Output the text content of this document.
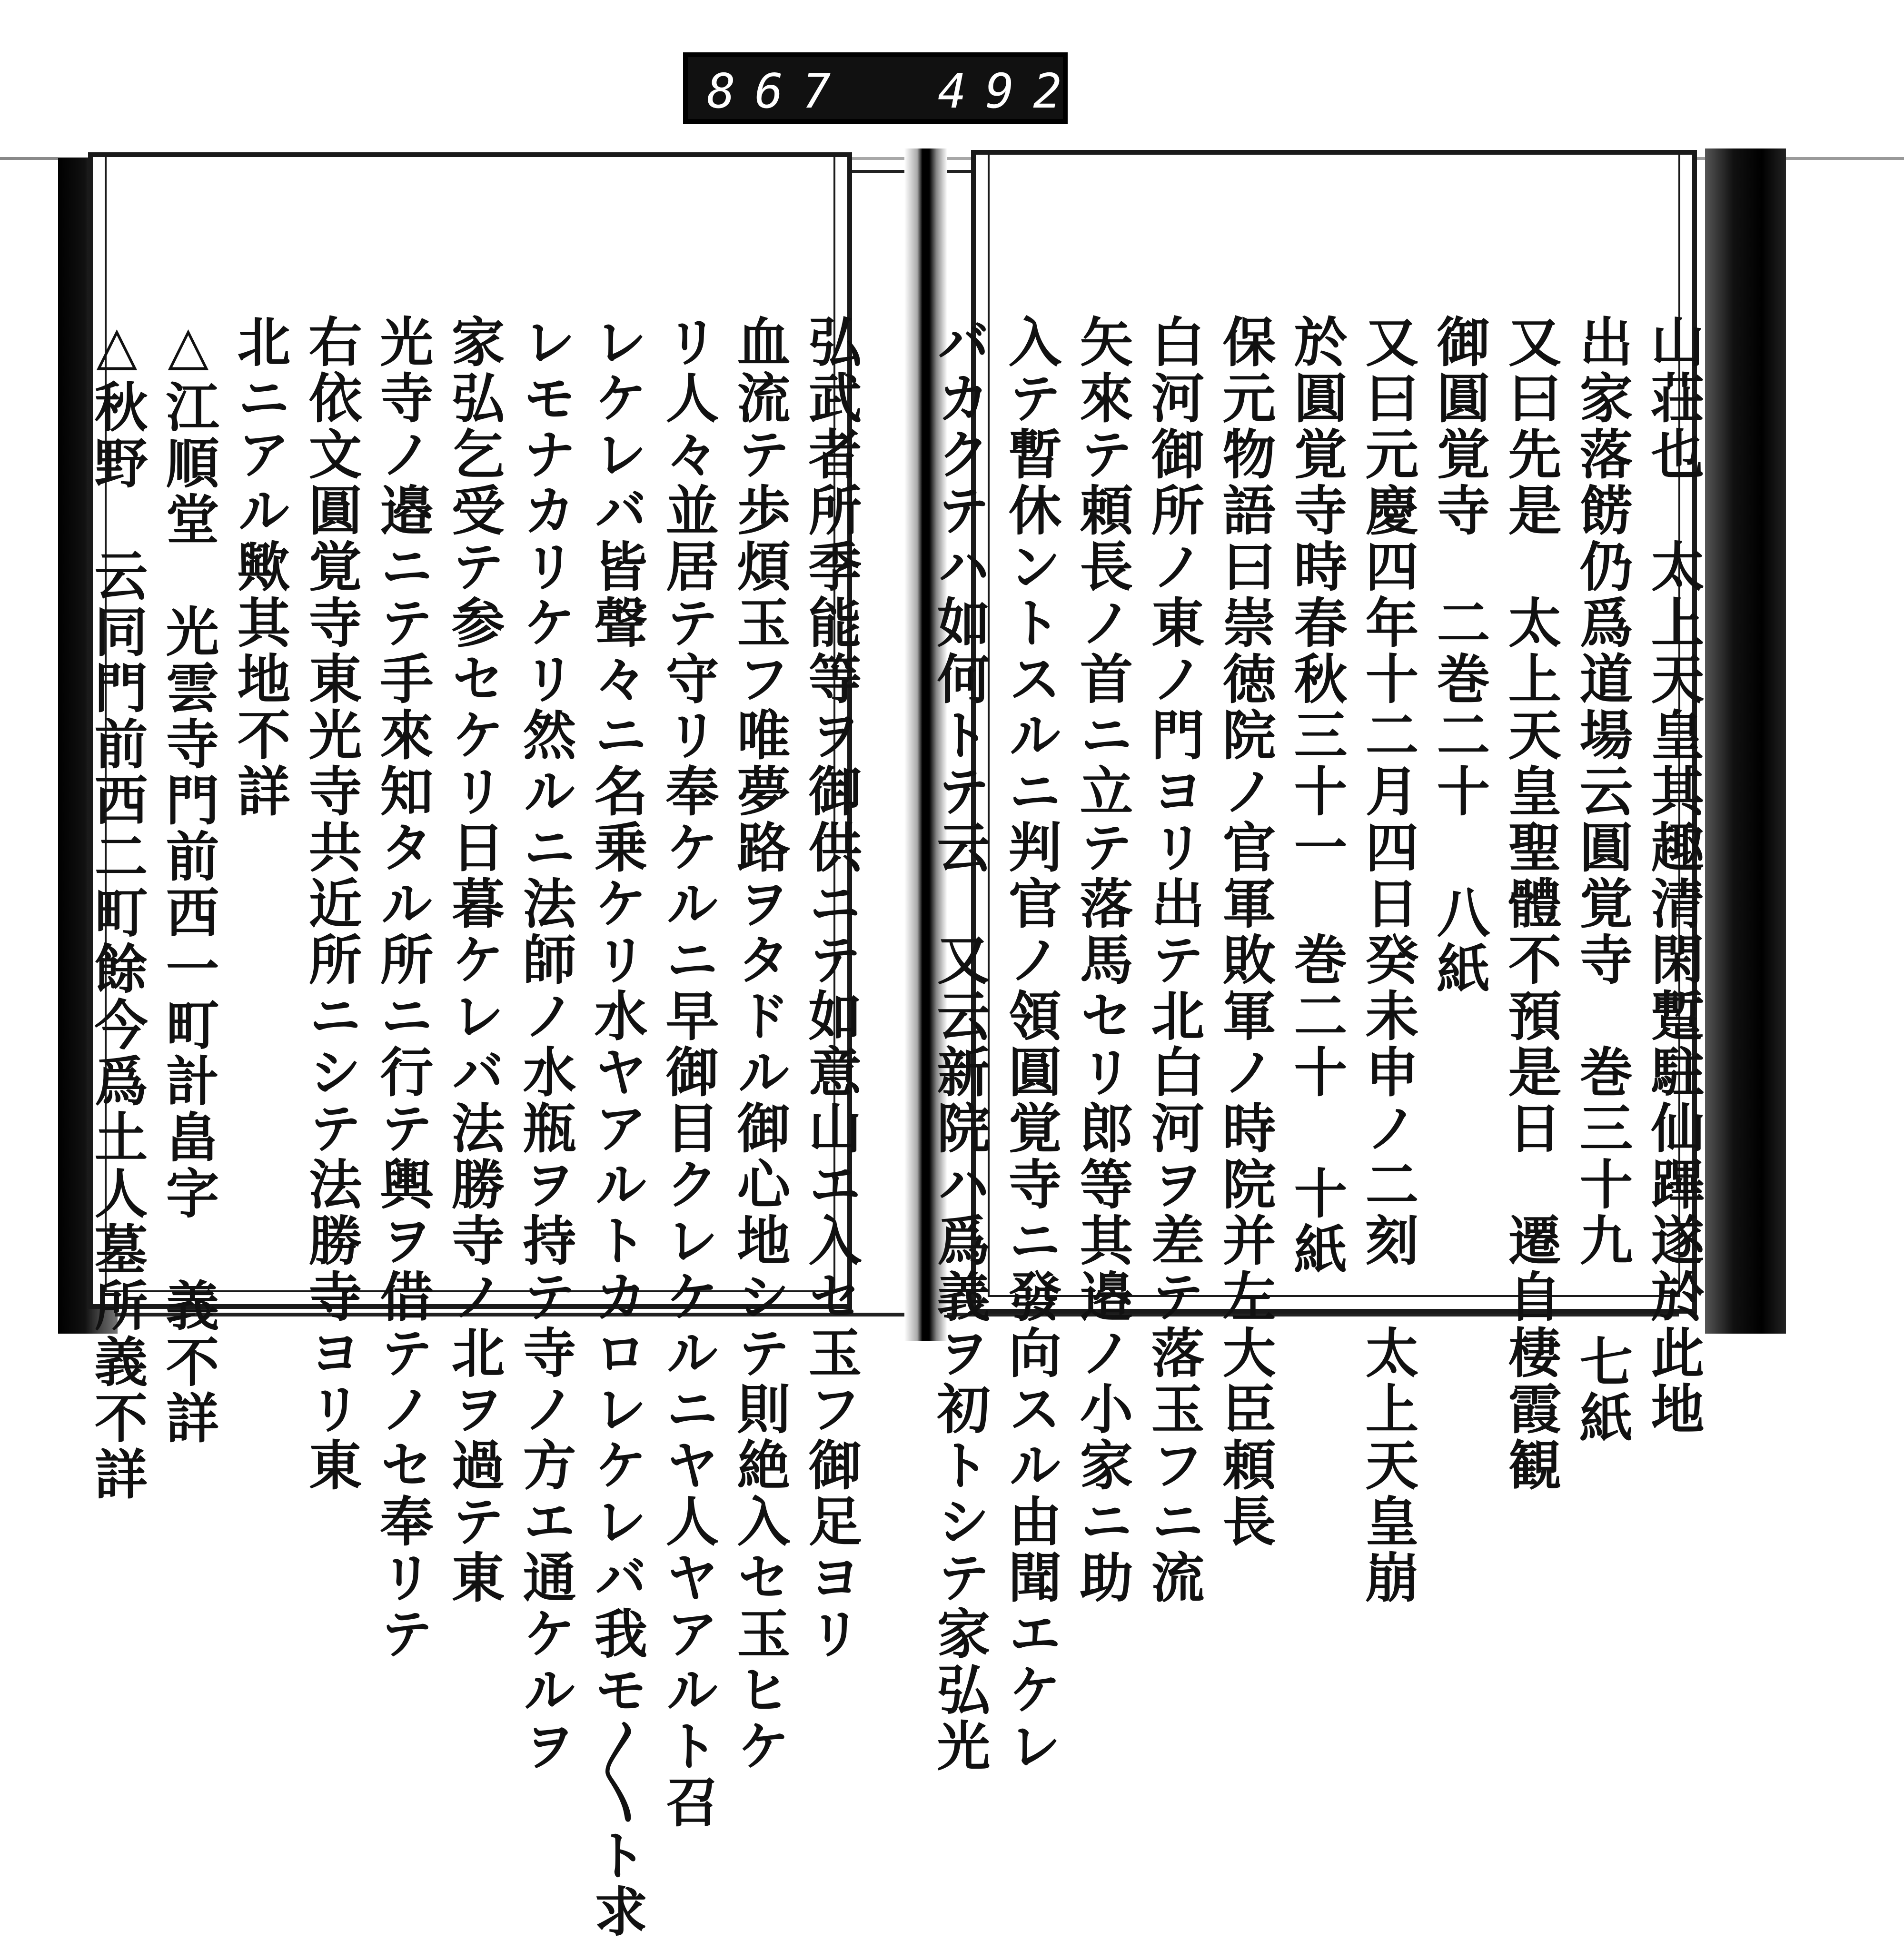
867 492.
弘武者所季能等ヲ御供ニテ如意山エ入セ玉フ御足ヨリ
血流テ歩煩玉フ唯夢路ヲタドル御心地シテ則絶入セ玉ヒケ
リ人々並居テ守リ奉ケルニ早御目クレケルニヤ人ヤアルト召
レケレバ皆聲々ニ名乗ケリ水ヤアルトカロレケレバ我モ〳〵ト求
レモナカリケリ然ルニ法師ノ水瓶ヲ持テ寺ノ方エ通ケルヲ
家弘乞受テ参セケリ日暮ケレバ法勝寺ノ北ヲ過テ東
光寺ノ邉ニテ手來知タル所ニ行テ輿ヲ借テノセ奉リテ
右依文圓覚寺東光寺共近所ニシテ法勝寺ヨリ東
北ニアル歟其地不詳
△江順堂　光雲寺門前西一町計畠字　義不詳
△秋野　云同門前西二町餘今爲土人墓所義不詳	山荘也　太上天皇其趣清閑蹔駐仙蹕遂於此地
出家落餝仍爲道場云圓覚寺　巻三十九 七紙
又曰先是　太上天皇聖體不預是日　遷自棲霞観
御圓覚寺　二巻二十 八紙
又曰元慶四年十二月四日癸未申ノ二刻　太上天皇崩
於圓覚寺時春秋三十一　巻二十 十紙
保元物語曰崇徳院ノ官軍敗軍ノ時院并左大臣頼長
白河御所ノ東ノ門ヨリ出テ北白河ヲ差テ落玉フニ流
矢來テ頼長ノ首ニ立テ落馬セリ郎等其邉ノ小家ニ助
入テ暫休ントスルニ判官ノ領圓覚寺ニ發向スル由聞エケレ
バカクテハ如何トテ云　又云新院ハ爲義ヲ初トシテ家弘光
